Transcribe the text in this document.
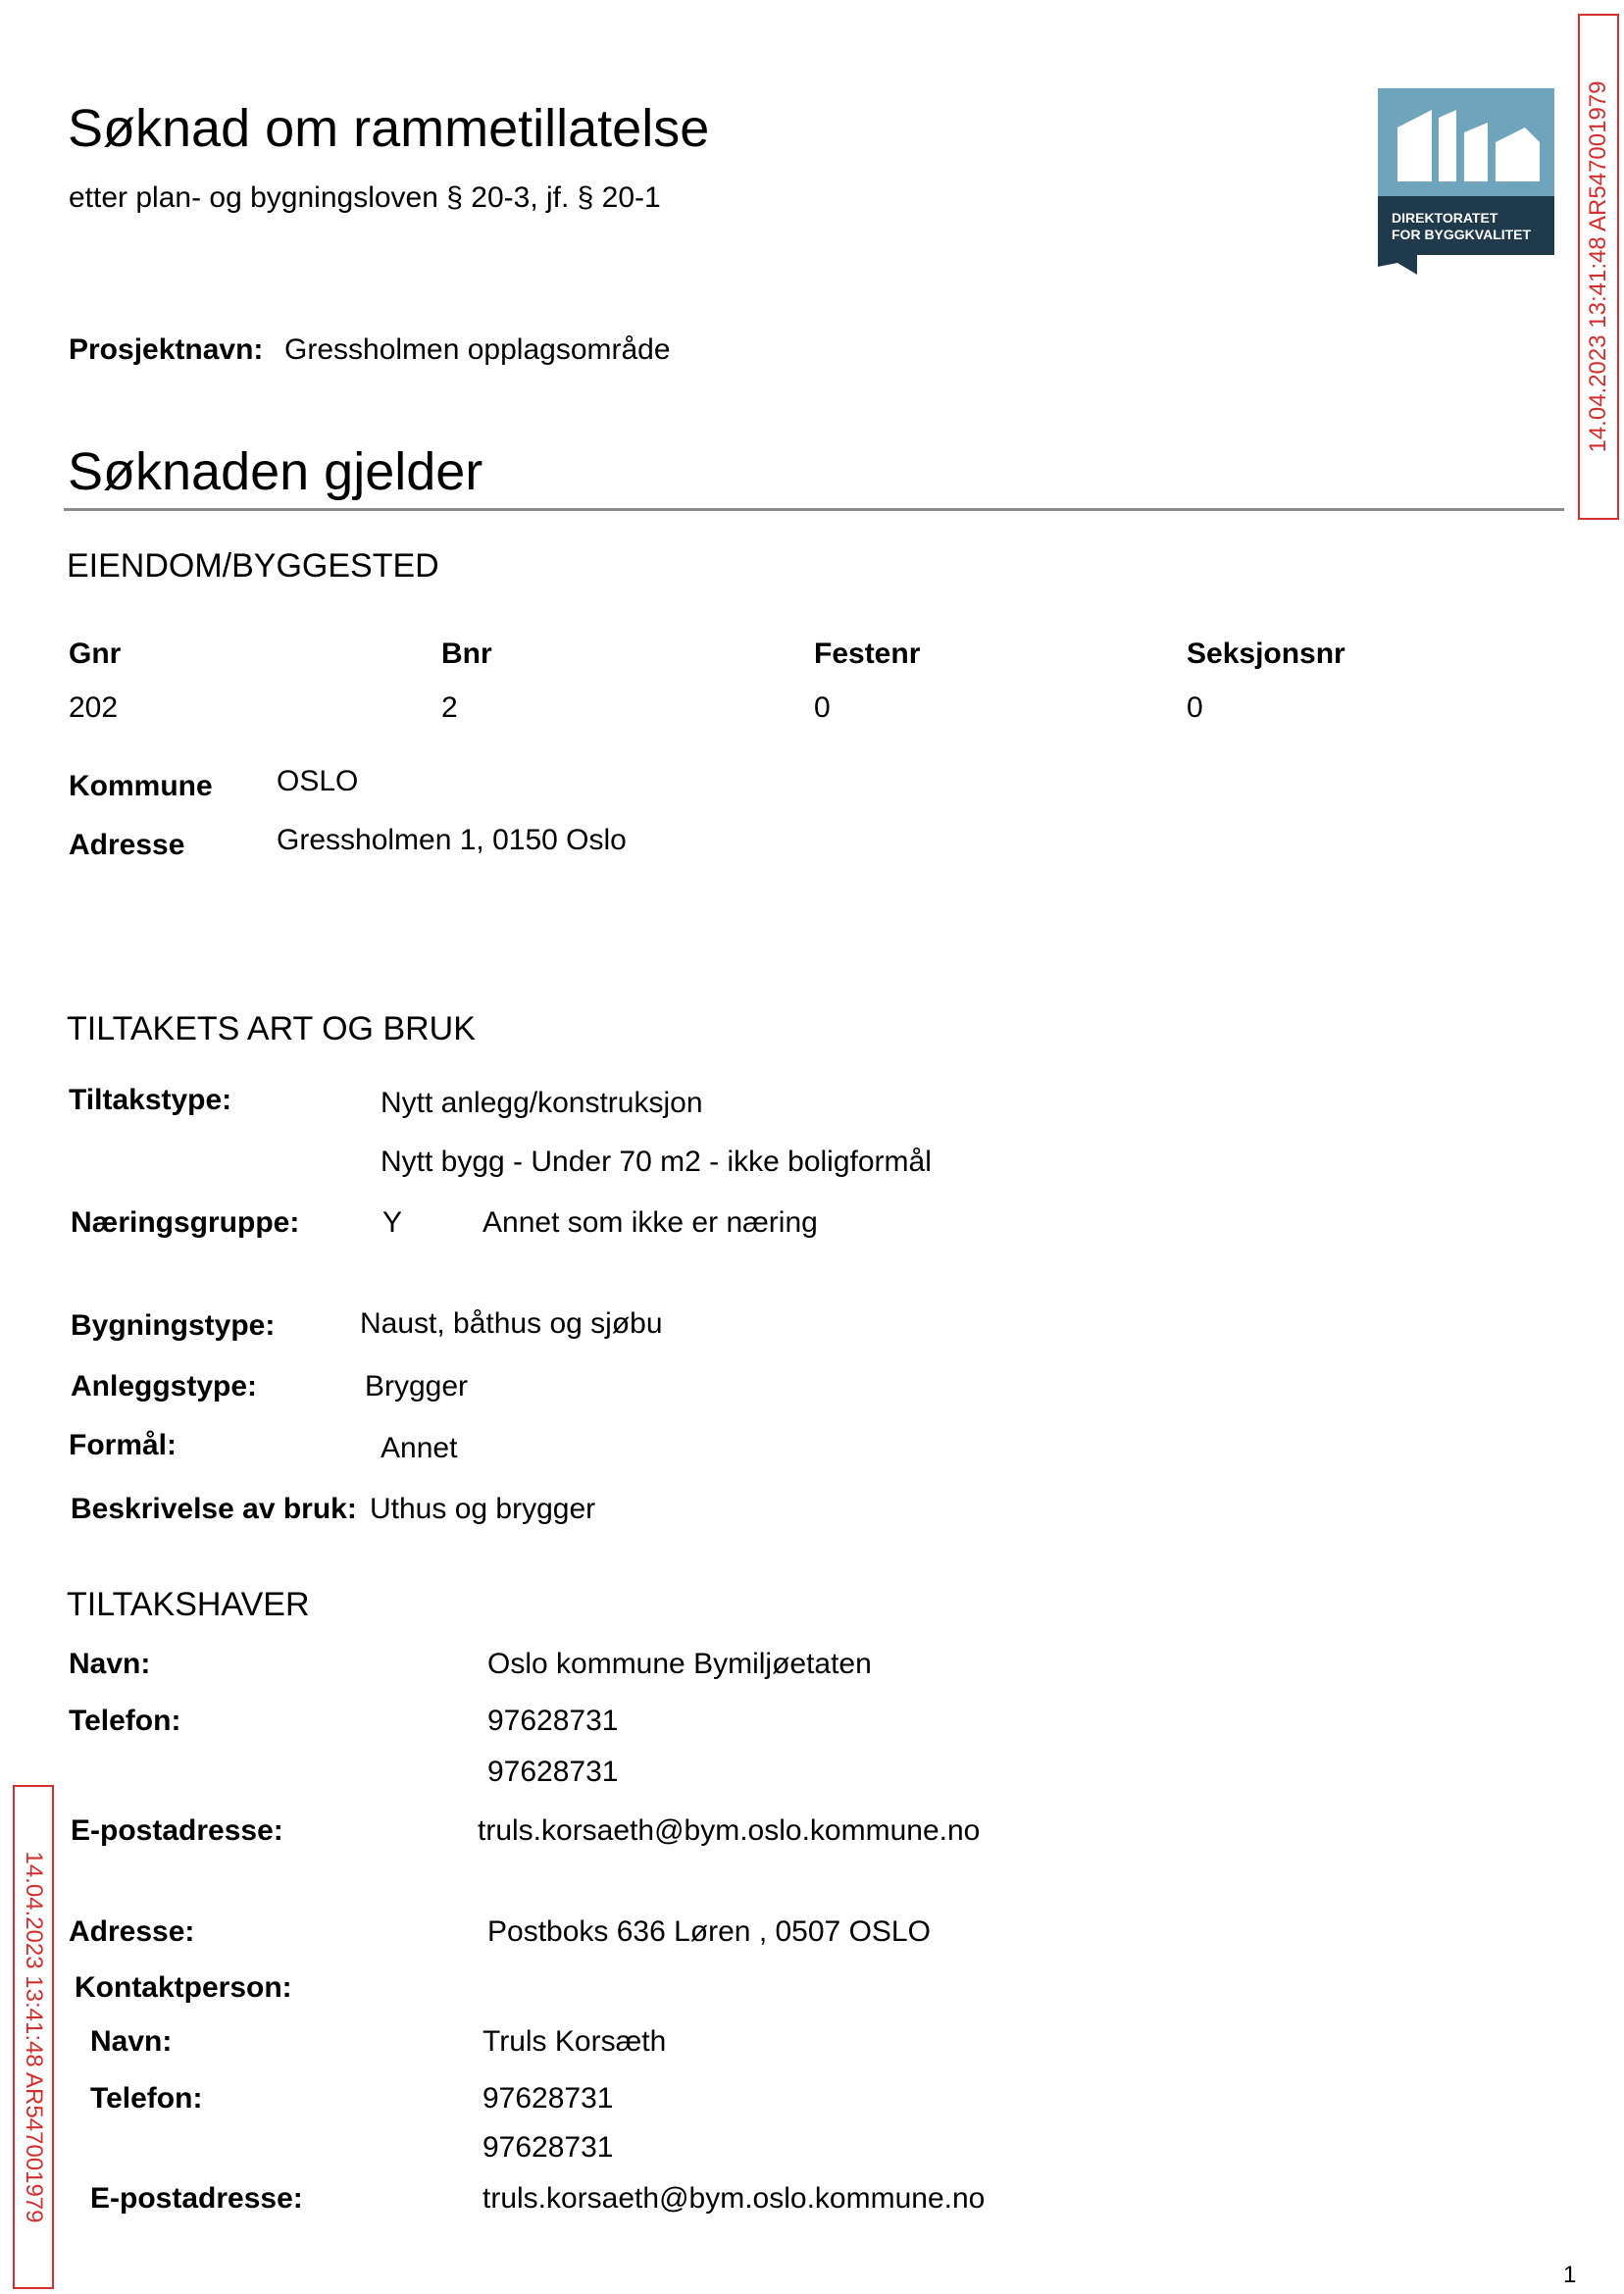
Søknad om rammetillatelse
etter plan- og bygningsloven § 20-3, jf. § 20-1
DIREKTORATET
FOR BYGGKVALITET 14.04.2023 13:41:48 AR547001979
Prosjektnavn: Gressholmen opplagsområde
Søknaden gjelder
EIENDOM/BYGGESTED
Gnr	Bnr	Festenr	Seksjonsnr
202	2	0	0
Kommune OSLO
Adresse	Gressholmen 1, 0150 Oslo
TILTAKETS ART OG BRUK
Tiltakstype:	Nytt anlegg/konstruksjon
Nytt bygg - Under 70 m2 - ikke boligformål
Næringsgruppe:	Y	Annet som ikke er næring
Bygningstype:	Naust, båthus og sjøbu
Anleggstype:	Brygger
Formål:	Annet
Beskrivelse av bruk: Uthus og brygger
TILTAKSHAVER
Navn:	Oslo kommune Bymiljøetaten
Telefon:	97628731
97628731
E-postadresse:	truls.korsaeth@bym.oslo.kommune.no
Adresse:	Postboks 636 Løren , 0507 OSLO
Kontaktperson:
Navn:	Truls Korsæth
Telefon:	97628731
97628731
E-postadresse:	truls.korsaeth@bym.oslo.kommune.no
14.04.2023 13:41:48 AR547001979
1
